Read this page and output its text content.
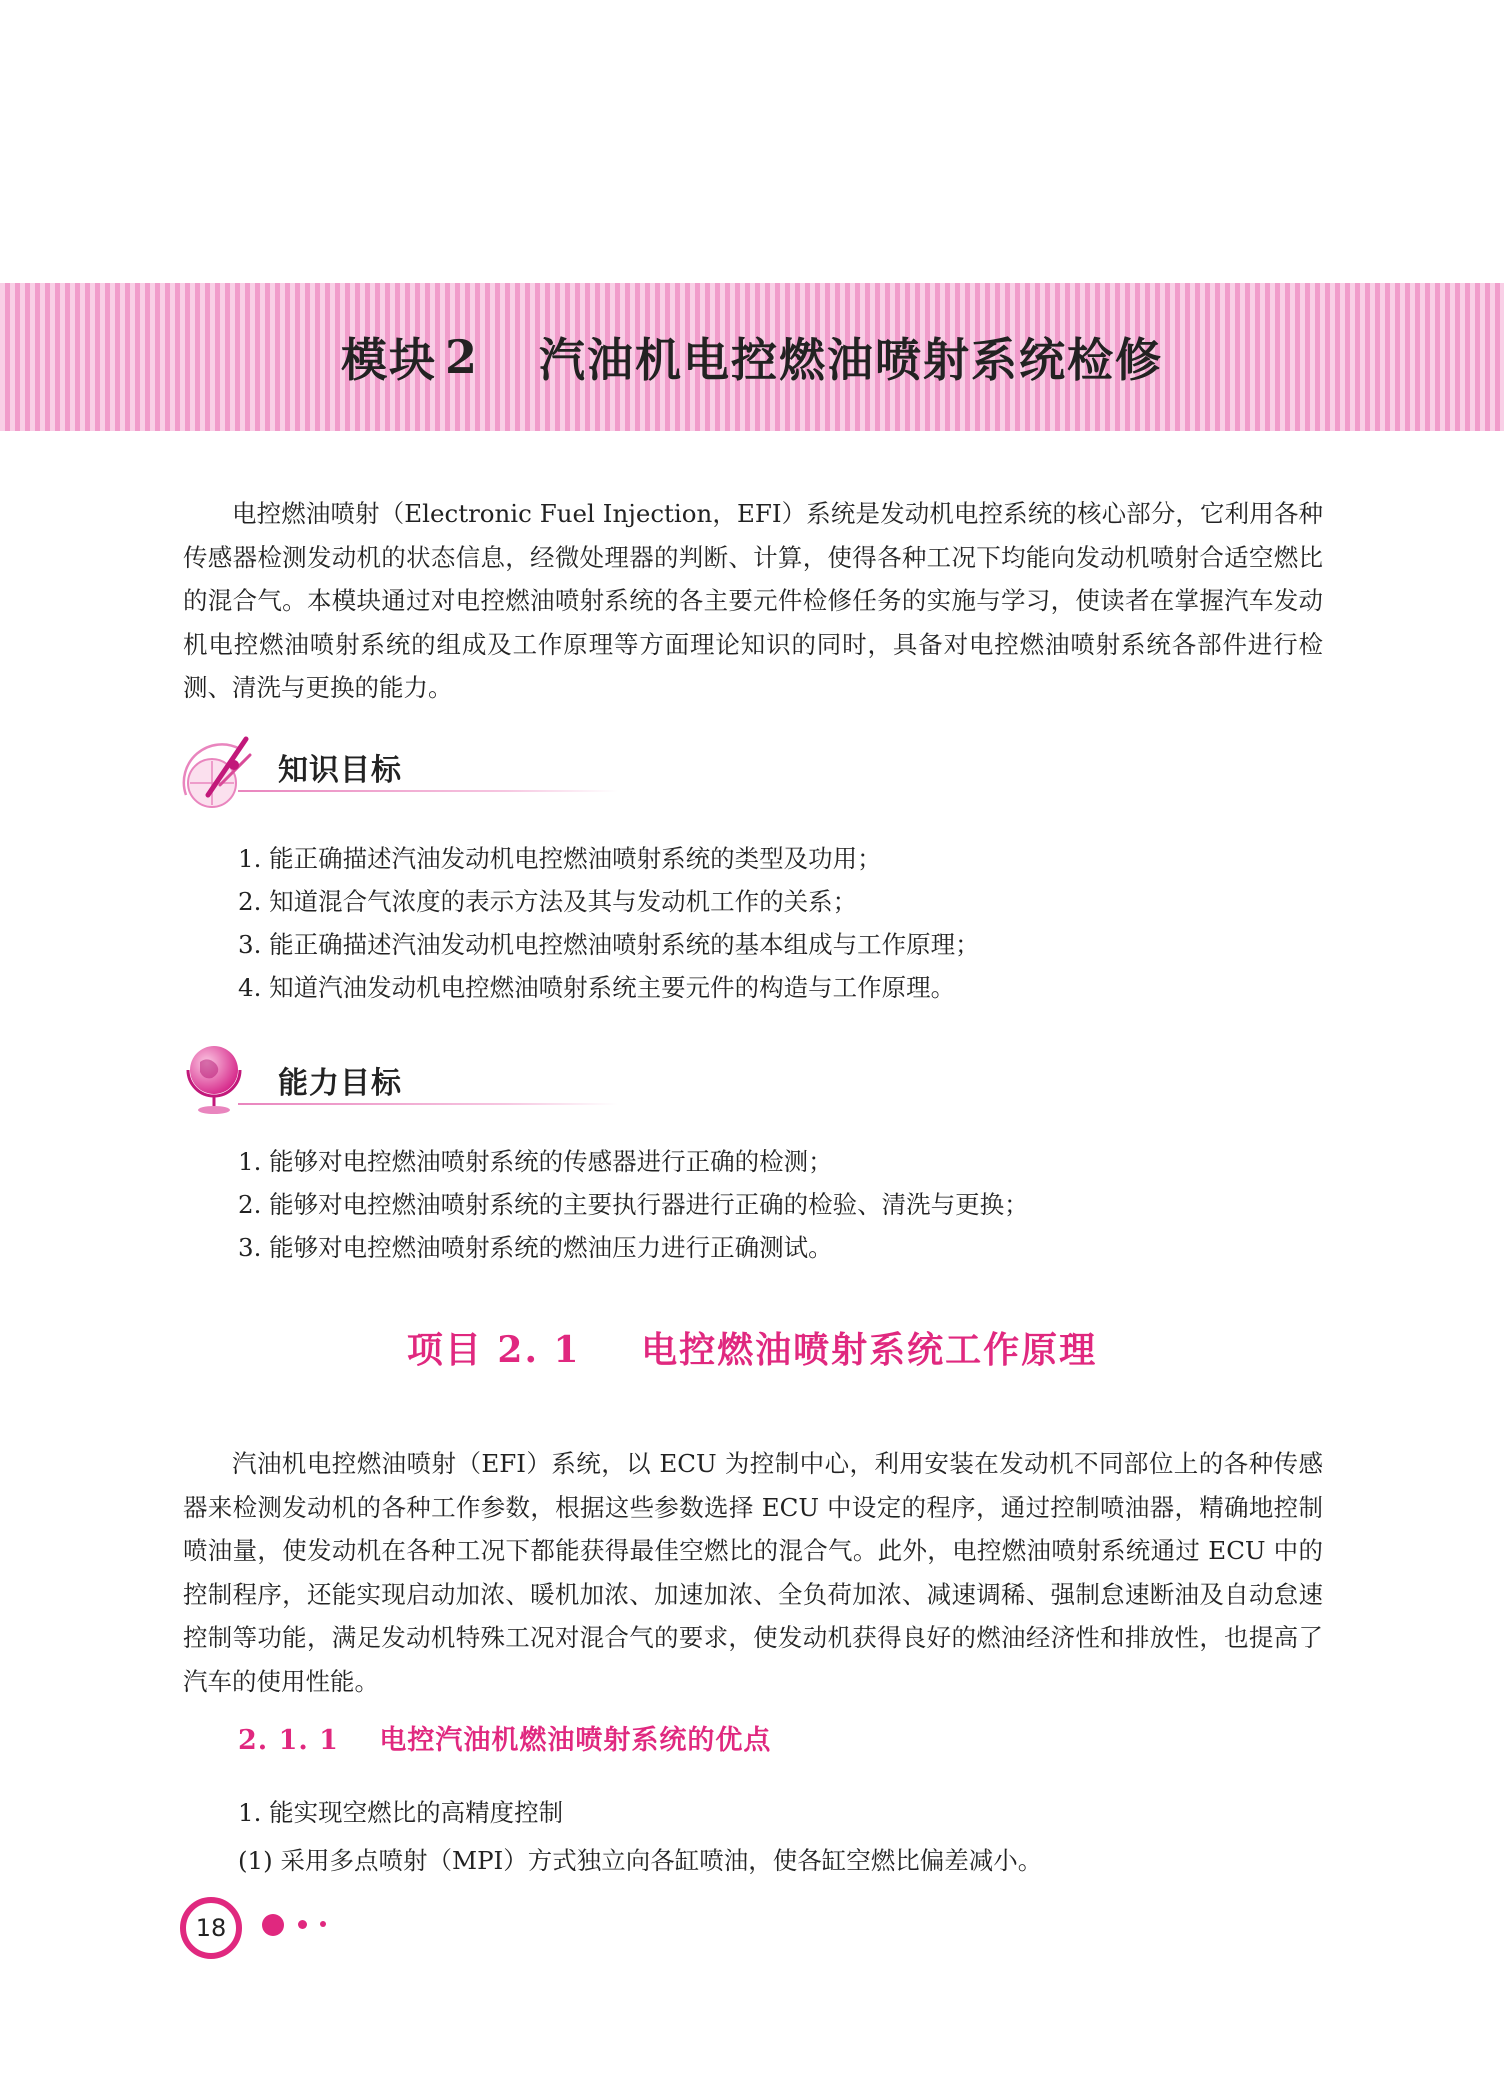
模块 2 汽油机电控燃油喷射系统检修

电控燃油喷射（Electronic Fuel Injection，EFI）系统是发动机电控系统的核心部分，它利用各种传感器检测发动机的状态信息，经微处理器的判断、计算，使得各种工况下均能向发动机喷射合适空燃比的混合气。本模块通过对电控燃油喷射系统的各主要元件检修任务的实施与学习，使读者在掌握汽车发动机电控燃油喷射系统的组成及工作原理等方面理论知识的同时，具备对电控燃油喷射系统各部件进行检测、清洗与更换的能力。

知识目标
1. 能正确描述汽油发动机电控燃油喷射系统的类型及功用；
2. 知道混合气浓度的表示方法及其与发动机工作的关系；
3. 能正确描述汽油发动机电控燃油喷射系统的基本组成与工作原理；
4. 知道汽油发动机电控燃油喷射系统主要元件的构造与工作原理。
能力目标
1. 能够对电控燃油喷射系统的传感器进行正确的检测；
2. 能够对电控燃油喷射系统的主要执行器进行正确的检验、清洗与更换；
3. 能够对电控燃油喷射系统的燃油压力进行正确测试。
项目 2. 1 电控燃油喷射系统工作原理

汽油机电控燃油喷射（EFI）系统，以 ECU 为控制中心，利用安装在发动机不同部位上的各种传感器来检测发动机的各种工作参数，根据这些参数选择 ECU 中设定的程序，通过控制喷油器，精确地控制喷油量，使发动机在各种工况下都能获得最佳空燃比的混合气。此外，电控燃油喷射系统通过 ECU 中的控制程序，还能实现启动加浓、暖机加浓、加速加浓、全负荷加浓、减速调稀、强制怠速断油及自动怠速控制等功能，满足发动机特殊工况对混合气的要求，使发动机获得良好的燃油经济性和排放性，也提高了汽车的使用性能。

2. 1. 1 电控汽油机燃油喷射系统的优点
1. 能实现空燃比的高精度控制
(1) 采用多点喷射（MPI）方式独立向各缸喷油，使各缸空燃比偏差减小。
18
